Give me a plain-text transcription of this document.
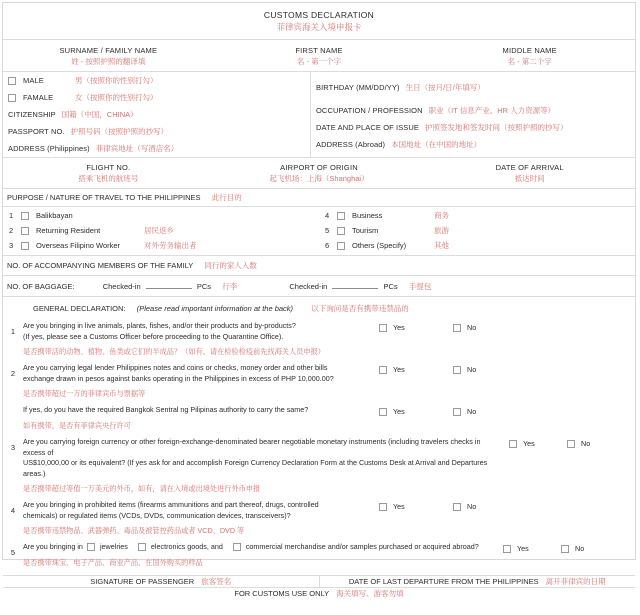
CUSTOMS DECLARATION
菲律宾海关入境申报卡
SURNAME / FAMILY NAME
姓 - 按照护照的翻译填
FIRST NAME
名 - 第一个字
MIDDLE NAME
名 - 第二个字
MALE	男（按照你的性别打勾）
FAMALE	女（按照你的性别打勾）
CITIZENSHIP 国籍（中国，CHINA）
PASSPORT NO. 护照号码（按照护照的抄写）
ADDRESS (Philippines) 菲律宾地址（写酒店名）
BIRTHDAY (MM/DD/YY) 生日（按月/日/年填写）
OCCUPATION / PROFESSION 职业（IT 信息产业、HR 人力资源等）
DATE AND PLACE OF ISSUE 护照签发地和签发时间（按照护照的抄写）
ADDRESS (Abroad) 本国地址（在中国的地址）
FLIGHT NO.
搭乘飞机的航班号
AIRPORT OF ORIGIN
起飞机场：上海（Shanghai）
DATE OF ARRIVAL
抵达时间
PURPOSE / NATURE OF TRAVEL TO THE PHILIPPINES 此行目的
1	Balikbayan
2	Returning Resident	居民返乡
3	Overseas Filipino Worker	对外劳务输出者
4	Business	商务
5	Tourism	旅游
6	Others (Specify)	其他
NO. OF ACCOMPANYING MEMBERS OF THE FAMILY 同行的家人入数
NO. OF BAGGAGE:	Checked-in	PCs 行李	Checked-in	PCs 手提包
GENERAL DECLARATION: (Please read important information at the back) 以下询问是否有携带违禁品的
1
Are you bringing in live animals, plants, fishes, and/or their products and by-products?
(If yes, please see a Customs Officer before proceeding to the Quarantine Office).
Yes	No
是否携带活的动物、植物、鱼类或它们的半成品？（如有、请在检验检疫前先找海关人员申报）
2
Are you carrying legal lender Philippines notes and coins or checks, money order and other bills
exchange drawn in pesos against banks operating in the Philippines in excess of PHP 10,000.00?
Yes	No
是否携带超过一万的菲律宾币与票据等
If yes, do you have the required Bangkok Sentral ng Pilipinas authority to carry the same?	Yes	No
如有携带，是否有菲律宾央行许可
3
Are you carrying foreign currency or other foreign-exchange-denominated bearer negotiable monetary instruments (including travelers checks in excess of
US$10,000,00 or its equivalent? (If yes ask for and accomplish Foreign Currency Declaration Form at the Customs Desk at Arrival and Departures areas.)
Yes	No
是否携带超过等值一万美元的外币，如有，请在入境或出境处进行外币申报
4
Are you bringing in prohibited items (firearms ammunitions and part thereof, drugs, controlled
chemicals) or regulated items (VCDs, DVDs, communication devices, transceivers)?
Yes	No
是否携带违禁物品、武器弹药、毒品及被管控药品或者 VCD、DVD 等
5
Are you bringing in jewelries	electronics goods, and	commercial merchandise and/or samples purchased or acquired abroad?	Yes	No
是否携带珠宝、电子产品、商业产品、在国外购买的样品
SIGNATURE OF PASSENGER 旅客签名	DATE OF LAST DEPARTURE FROM THE PHILIPPINES 离开菲律宾的日期
FOR CUSTOMS USE ONLY 海关填写、游客勿填
